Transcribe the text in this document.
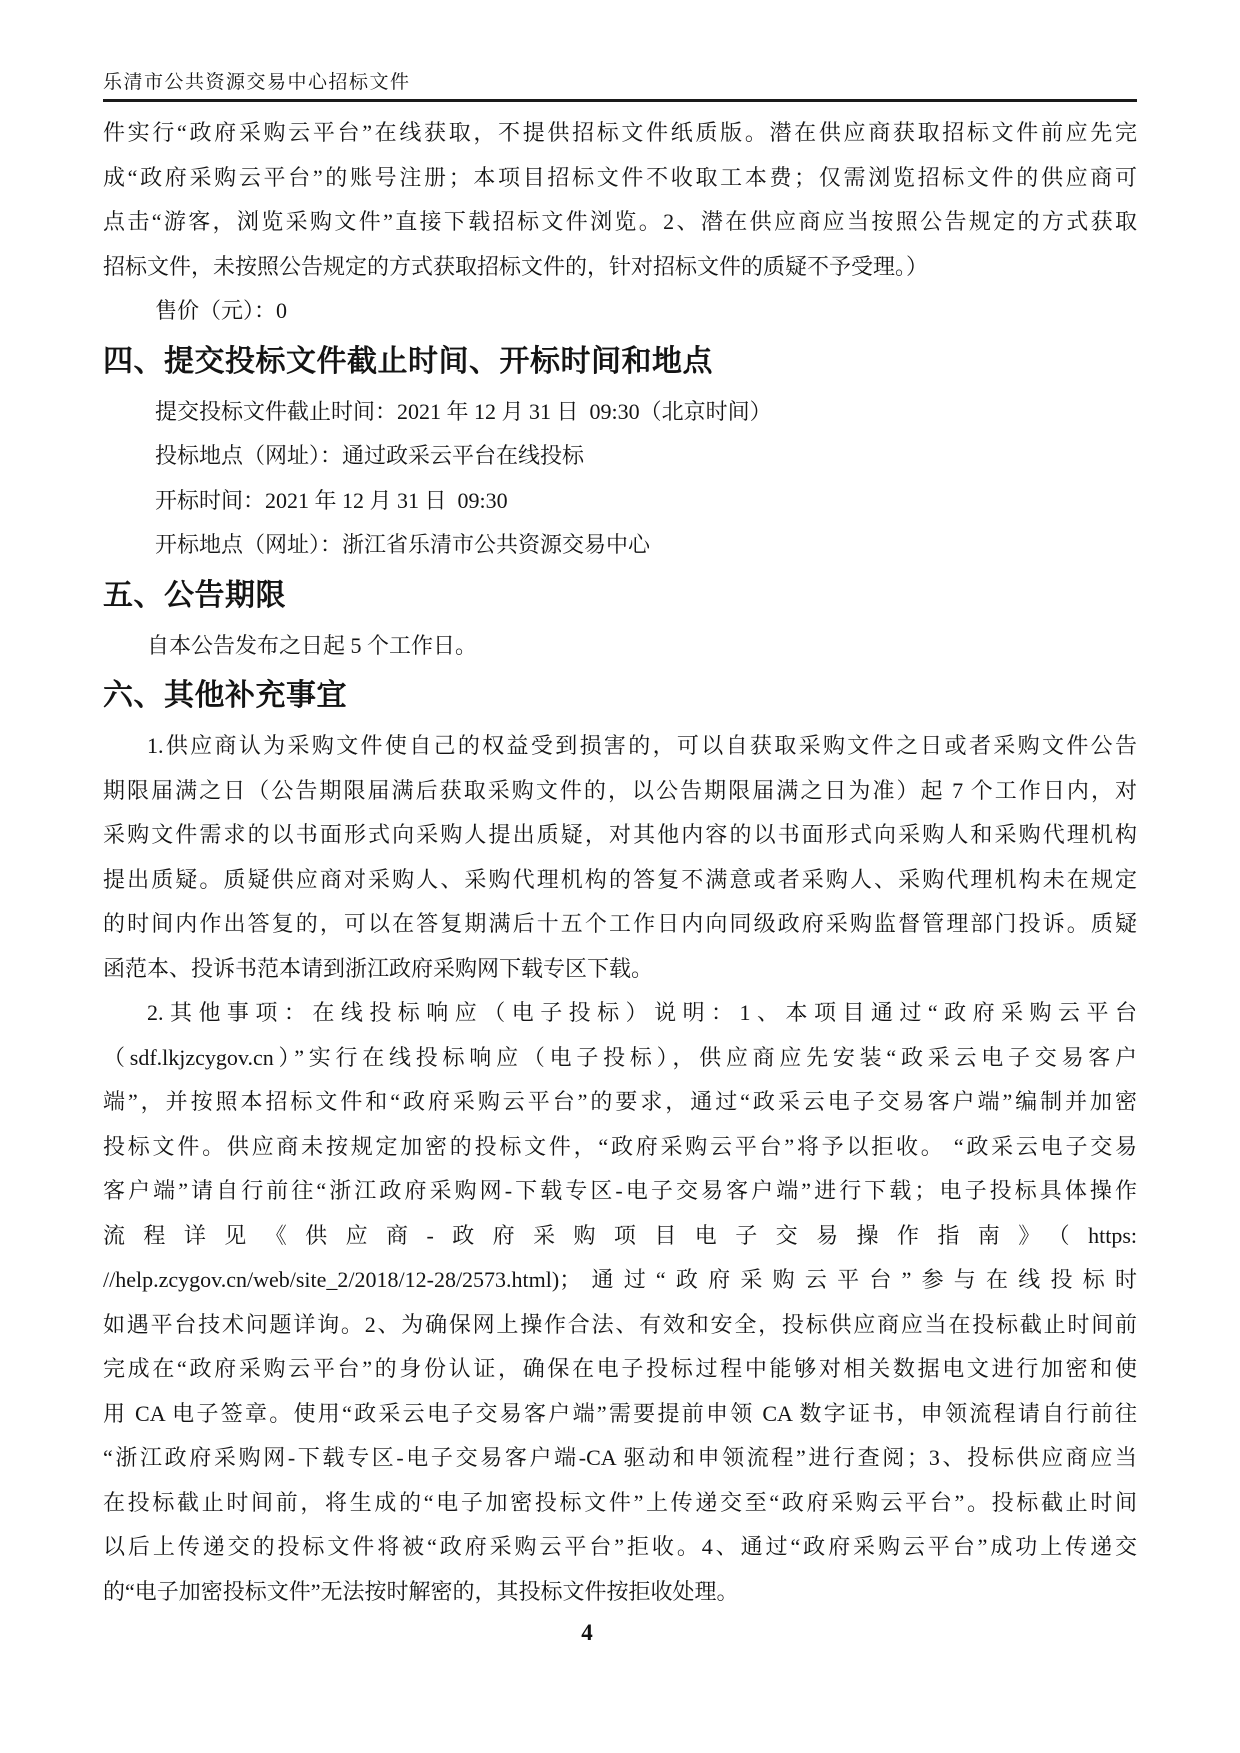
乐清市公共资源交易中心招标文件
件实行“政府采购云平台”在线获取，不提供招标文件纸质版。潜在供应商获取招标文件前应先完
成“政府采购云平台”的账号注册；本项目招标文件不收取工本费；仅需浏览招标文件的供应商可
点击“游客，浏览采购文件”直接下载招标文件浏览。2、潜在供应商应当按照公告规定的方式获取
招标文件，未按照公告规定的方式获取招标文件的，针对招标文件的质疑不予受理。）
售价（元）：0
四、提交投标文件截止时间、开标时间和地点
提交投标文件截止时间：2021 年 12 月 31 日  09:30（北京时间）
投标地点（网址）：通过政采云平台在线投标
开标时间：2021 年 12 月 31 日  09:30
开标地点（网址）：浙江省乐清市公共资源交易中心
五、公告期限
自本公告发布之日起 5 个工作日。
六、其他补充事宜
1.供应商认为采购文件使自己的权益受到损害的，可以自获取采购文件之日或者采购文件公告
期限届满之日（公告期限届满后获取采购文件的，以公告期限届满之日为准）起 7 个工作日内，对
采购文件需求的以书面形式向采购人提出质疑，对其他内容的以书面形式向采购人和采购代理机构
提出质疑。质疑供应商对采购人、采购代理机构的答复不满意或者采购人、采购代理机构未在规定
的时间内作出答复的，可以在答复期满后十五个工作日内向同级政府采购监督管理部门投诉。质疑
函范本、投诉书范本请到浙江政府采购网下载专区下载。
2.其他事项：在线投标响应（电子投标）说明：1、本项目通过“政府采购云平台
（sdf.lkjzcygov.cn）”实行在线投标响应（电子投标），供应商应先安装“政采云电子交易客户
端”，并按照本招标文件和“政府采购云平台”的要求，通过“政采云电子交易客户端”编制并加密
投标文件。供应商未按规定加密的投标文件，“政府采购云平台”将予以拒收。 “政采云电子交易
客户端”请自行前往“浙江政府采购网-下载专区-电子交易客户端”进行下载；电子投标具体操作
流程详见《供应商-政府采购项目电子交易操作指南》（https:
//help.zcygov.cn/web/site_2/2018/12-28/2573.html)；通过“政府采购云平台”参与在线投标时
如遇平台技术问题详询。2、为确保网上操作合法、有效和安全，投标供应商应当在投标截止时间前
完成在“政府采购云平台”的身份认证，确保在电子投标过程中能够对相关数据电文进行加密和使
用 CA 电子签章。使用“政采云电子交易客户端”需要提前申领 CA 数字证书，申领流程请自行前往
“浙江政府采购网-下载专区-电子交易客户端-CA 驱动和申领流程”进行查阅；3、投标供应商应当
在投标截止时间前，将生成的“电子加密投标文件”上传递交至“政府采购云平台”。投标截止时间
以后上传递交的投标文件将被“政府采购云平台”拒收。4、通过“政府采购云平台”成功上传递交
的“电子加密投标文件”无法按时解密的，其投标文件按拒收处理。
4
